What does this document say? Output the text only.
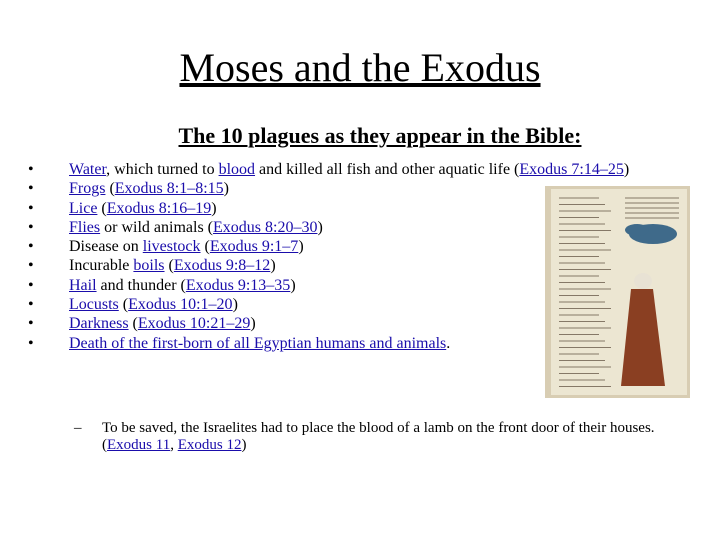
Moses and the Exodus
The 10 plagues as they appear in the Bible:
• Water, which turned to blood and killed all fish and other aquatic life (Exodus 7:14–25)
• Frogs (Exodus 8:1–8:15)
• Lice (Exodus 8:16–19)
• Flies or wild animals (Exodus 8:20–30)
• Disease on livestock (Exodus 9:1–7)
• Incurable boils (Exodus 9:8–12)
• Hail and thunder (Exodus 9:13–35)
• Locusts (Exodus 10:1–20)
• Darkness (Exodus 10:21–29)
• Death of the first-born of all Egyptian humans and animals.
–	To be saved, the Israelites had to place the blood of a lamb on the front door of their houses. (Exodus 11, Exodus 12)
